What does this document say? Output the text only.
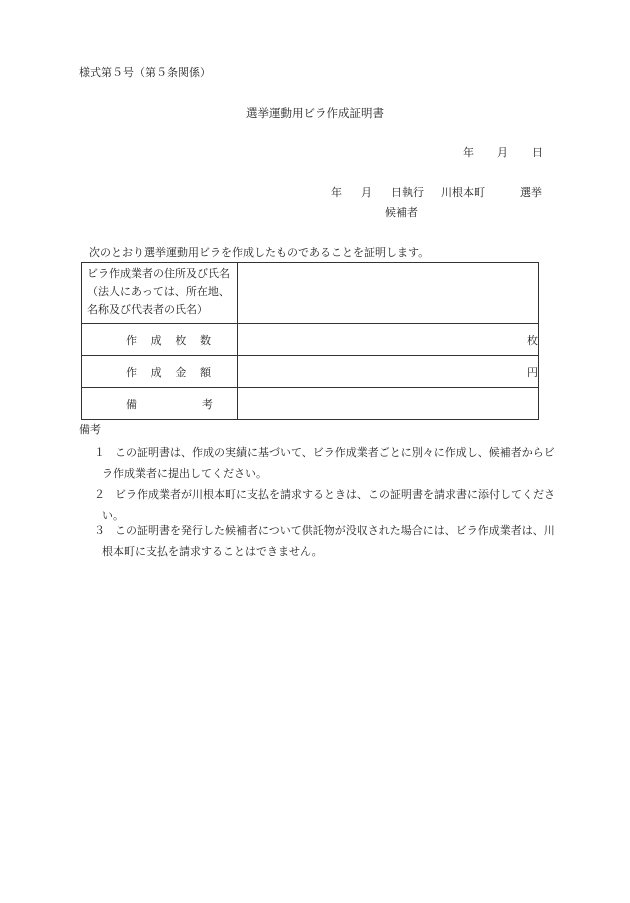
様式第５号（第５条関係）
選挙運動用ビラ作成証明書
年 月 日
年 月 日執行 川根本町	選挙
候補者
次のとおり選挙運動用ビラを作成したものであることを証明します。
ビラ作成業者の住所及び氏名
（法人にあっては、所在地、
名称及び代表者の氏名）	

作 成 枚 数	枚

作 成 金 額	円

備 考	

備考
１ この証明書は、作成の実績に基づいて、ビラ作成業者ごとに別々に作成し、候補者からビ
ラ作成業者に提出してください。
２ ビラ作成業者が川根本町に支払を請求するときは、この証明書を請求書に添付してくださ
い。
３ この証明書を発行した候補者について供託物が没収された場合には、ビラ作成業者は、川
根本町に支払を請求することはできません。
